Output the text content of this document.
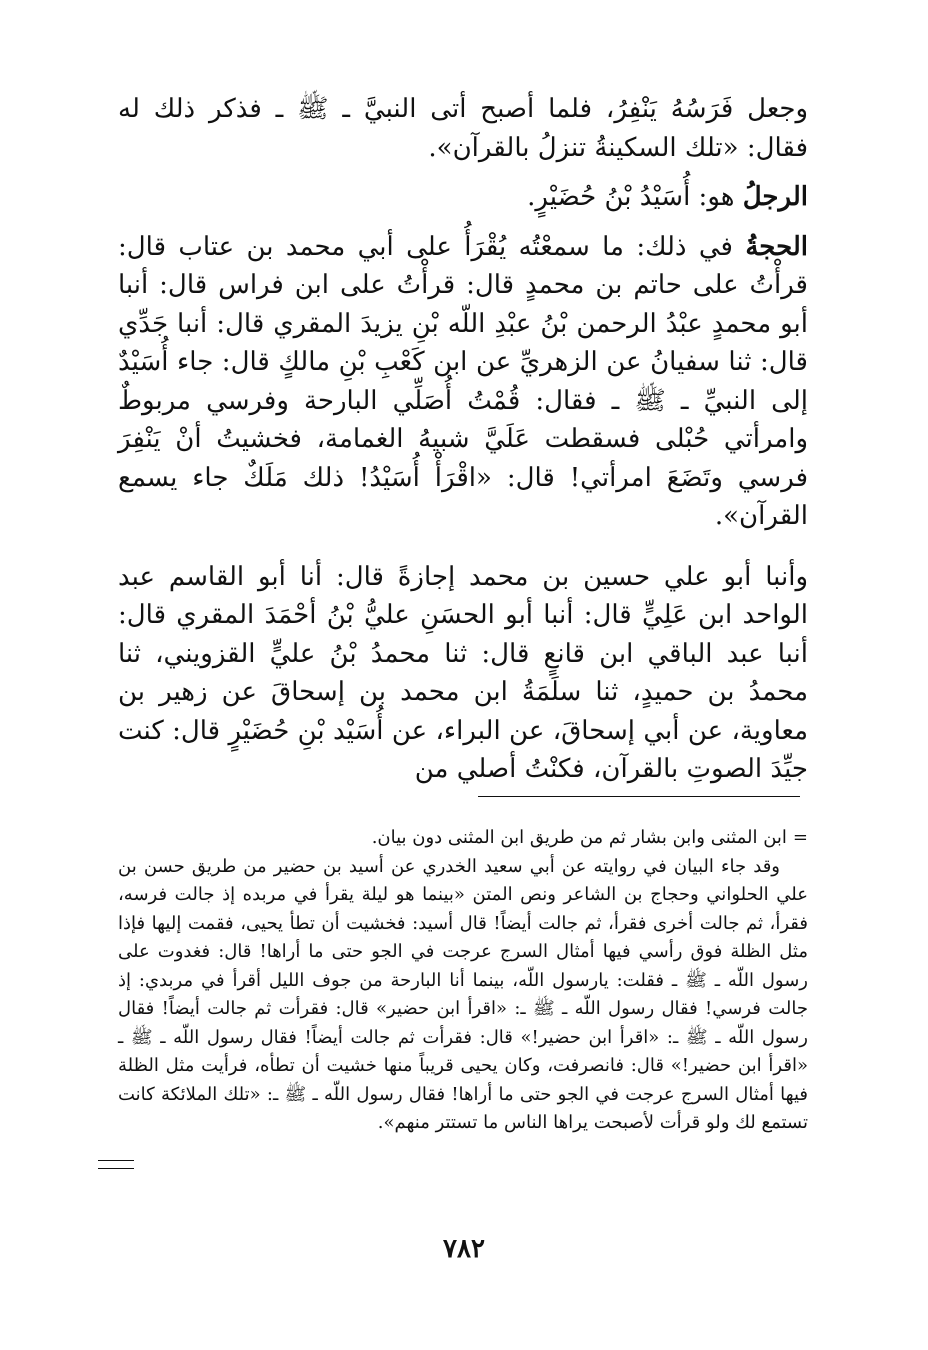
وجعل فَرَسُهُ يَنْفِرُ، فلما أصبح أتى النبيَّ ـ ﷺ ـ فذكر ذلك له فقال: «تلك السكينةُ تنزلُ بالقرآن».

الرجلُ هو: أُسَيْدُ بْنُ حُضَيْرٍ.

الحجةُ في ذلك: ما سمعْتُه يُقْرَأُ على أبي محمد بن عتاب قال: قرأْتُ على حاتم بن محمدٍ قال: قرأْتُ على ابن فراس قال: أنبا أبو محمدٍ عبْدُ الرحمن بْنُ عبْدِ اللّه بْنِ يزيدَ المقري قال: أنبا جَدِّي قال: ثنا سفيانُ عن الزهريِّ عن ابن كَعْبِ بْنِ مالكٍ قال: جاء أُسَيْدٌ إلى النبيِّ ـ ﷺ ـ فقال: قُمْتُ أُصَلِّي البارحة وفرسي مربوطٌ وامرأتي حُبْلى فسقطت عَلَيَّ شبيهُ الغمامة، فخشيتُ أنْ يَنْفِرَ فرسي وتَضَعَ امرأتي! قال: «اقْرَأْ أُسَيْدُ! ذلك مَلَكٌ جاء يسمع القرآن».

وأنبا أبو علي حسين بن محمد إجازةً قال: أنا أبو القاسم عبد الواحد ابن عَلِيٍّ قال: أنبا أبو الحسَنِ عليُّ بْنُ أحْمَدَ المقري قال: أنبا عبد الباقي ابن قانعٍ قال: ثنا محمدُ بْنُ عليٍّ القزويني، ثنا محمدُ بن حميدٍ، ثنا سلَمَةُ ابن محمد بن إسحاقَ عن زهير بن معاوية، عن أبي إسحاقَ، عن البراء، عن أُسَيْد بْنِ حُضَيْرٍ قال: كنت جيِّدَ الصوتِ بالقرآن، فكنْتُ أصلي من

=ابن المثنى وابن بشار ثم من طريق ابن المثنى دون بيان.

وقد جاء البيان في روايته عن أبي سعيد الخدري عن أسيد بن حضير من طريق حسن بن علي الحلواني وحجاج بن الشاعر ونص المتن «بينما هو ليلة يقرأ في مربده إذ جالت فرسه، فقرأ، ثم جالت أخرى فقرأ، ثم جالت أيضاً! قال أسيد: فخشيت أن تطأ يحيى، فقمت إليها فإذا مثل الظلة فوق رأسي فيها أمثال السرج عرجت في الجو حتى ما أراها! قال: فغدوت على رسول اللّه ـ ﷺ ـ فقلت: يارسول اللّه، بينما أنا البارحة من جوف الليل أقرأ في مربدي: إذ جالت فرسي! فقال رسول اللّه ـ ﷺ ـ: «اقرأ ابن حضير» قال: فقرأت ثم جالت أيضاً! فقال رسول اللّه ـ ﷺ ـ: «اقرأ ابن حضير!» قال: فقرأت ثم جالت أيضاً! فقال رسول اللّه ـ ﷺ ـ «اقرأ ابن حضير!» قال: فانصرفت، وكان يحيى قريباً منها خشيت أن تطأه، فرأيت مثل الظلة فيها أمثال السرج عرجت في الجو حتى ما أراها! فقال رسول اللّه ـ ﷺ ـ: «تلك الملائكة كانت تستمع لك ولو قرأت لأصبحت يراها الناس ما تستتر منهم».

٧٨٢
